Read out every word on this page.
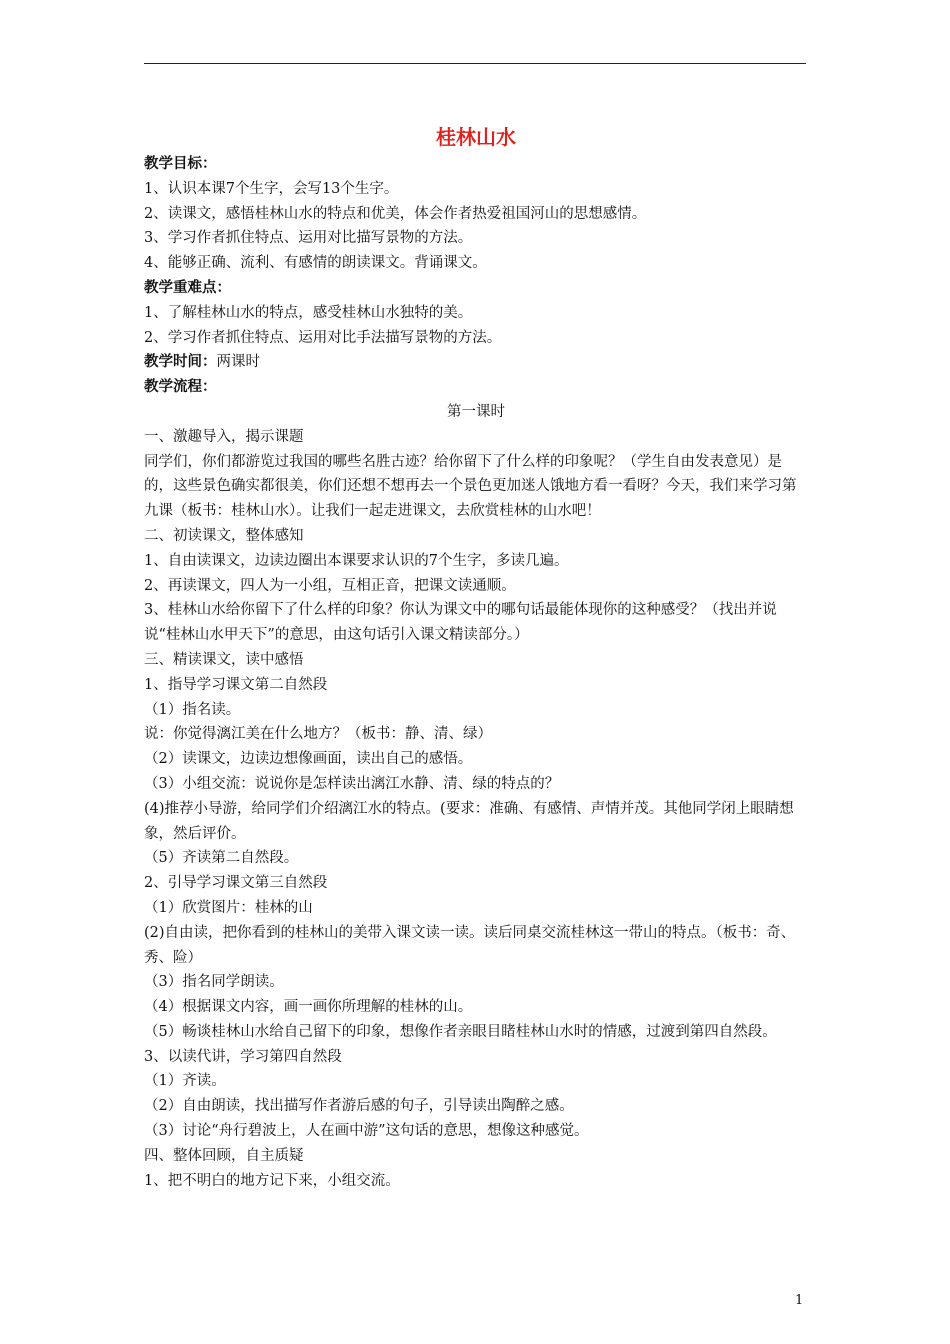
桂林山水
教学目标：
1、认识本课7个生字，会写13个生字。
2、读课文，感悟桂林山水的特点和优美，体会作者热爱祖国河山的思想感情。
3、学习作者抓住特点、运用对比描写景物的方法。
4、能够正确、流利、有感情的朗读课文。背诵课文。
教学重难点：
1、了解桂林山水的特点，感受桂林山水独特的美。
2、学习作者抓住特点、运用对比手法描写景物的方法。
教学时间：两课时
教学流程：
第一课时
一、激趣导入，揭示课题
同学们，你们都游览过我国的哪些名胜古迹？给你留下了什么样的印象呢？（学生自由发表意见）是的，这些景色确实都很美，你们还想不想再去一个景色更加迷人饿地方看一看呀？今天，我们来学习第九课（板书：桂林山水）。让我们一起走进课文，去欣赏桂林的山水吧！
二、初读课文，整体感知
1、自由读课文，边读边圈出本课要求认识的7个生字，多读几遍。
2、再读课文，四人为一小组，互相正音，把课文读通顺。
3、桂林山水给你留下了什么样的印象？你认为课文中的哪句话最能体现你的这种感受？（找出并说说“桂林山水甲天下”的意思，由这句话引入课文精读部分。）
三、精读课文，读中感悟
1、指导学习课文第二自然段
（1）指名读。
说：你觉得漓江美在什么地方？（板书：静、清、绿）
（2）读课文，边读边想像画面，读出自己的感悟。
（3）小组交流：说说你是怎样读出漓江水静、清、绿的特点的？
(4)推荐小导游，给同学们介绍漓江水的特点。(要求：准确、有感情、声情并茂。其他同学闭上眼睛想象，然后评价。
（5）齐读第二自然段。
2、引导学习课文第三自然段
（1）欣赏图片：桂林的山
(2)自由读，把你看到的桂林山的美带入课文读一读。读后同桌交流桂林这一带山的特点。（板书：奇、秀、险）
（3）指名同学朗读。
（4）根据课文内容，画一画你所理解的桂林的山。
（5）畅谈桂林山水给自己留下的印象，想像作者亲眼目睹桂林山水时的情感，过渡到第四自然段。
3、以读代讲，学习第四自然段
（1）齐读。
（2）自由朗读，找出描写作者游后感的句子，引导读出陶醉之感。
（3）讨论“舟行碧波上，人在画中游”这句话的意思，想像这种感觉。
四、整体回顾，自主质疑
1、把不明白的地方记下来，小组交流。
1
